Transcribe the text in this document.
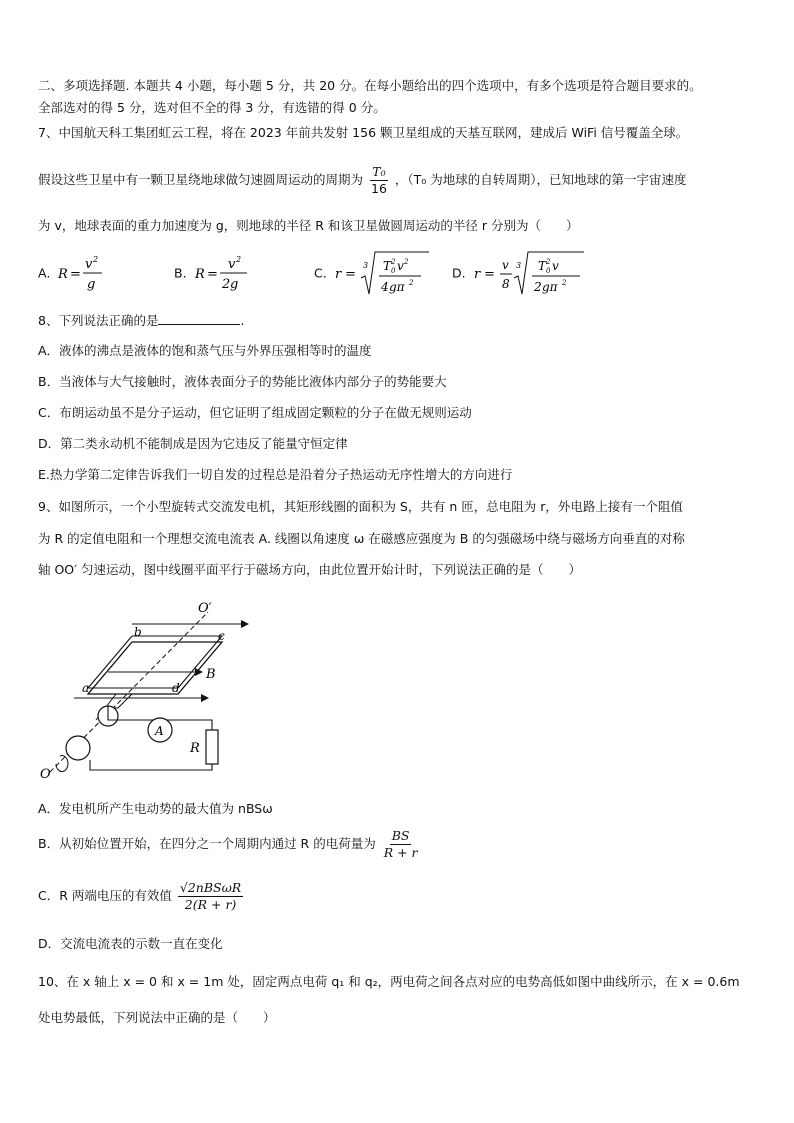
二、多项选择题. 本题共 4 小题，每小题 5 分，共 20 分。在每小题给出的四个选项中，有多个选项是符合题目要求的。
全部选对的得 5 分，选对但不全的得 3 分，有选错的得 0 分。
7、中国航天科工集团虹云工程，将在 2023 年前共发射 156 颗卫星组成的天基互联网，建成后 WiFi 信号覆盖全球。
假设这些卫星中有一颗卫星绕地球做匀速圆周运动的周期为 $\frac{\text{T₀}}{16}$ ，（T₀ 为地球的自转周期），已知地球的第一宇宙速度
为 v，地球表面的重力加速度为 g，则地球的半径 R 和该卫星做圆周运动的半径 r 分别为（　　）
A. R =
v 2
g
B. R =
v 2
2 g
C. r =
3 T 0
2 v 2
4 gπ 2
D. r =
v
8
3 T 0
2 v
2 gπ 2
8、下列说法正确的是	.
A．液体的沸点是液体的饱和蒸气压与外界压强相等时的温度
B．当液体与大气接触时，液体表面分子的势能比液体内部分子的势能要大
C．布朗运动虽不是分子运动，但它证明了组成固定颗粒的分子在做无规则运动
D．第二类永动机不能制成是因为它违反了能量守恒定律
E.热力学第二定律告诉我们一切自发的过程总是沿着分子热运动无序性增大的方向进行
9、如图所示，一个小型旋转式交流发电机，其矩形线圈的面积为 S，共有 n 匝，总电阻为 r，外电路上接有一个阻值
为 R 的定值电阻和一个理想交流电流表 A. 线圈以角速度 ω 在磁感应强度为 B 的匀强磁场中绕与磁场方向垂直的对称
轴 OO′ 匀速运动，图中线圈平面平行于磁场方向，由此位置开始计时，下列说法正确的是（　　）
O′
B
b	c
a	d
A
R
O
A．发电机所产生电动势的最大值为 nBSω
B．从初始位置开始，在四分之一个周期内通过 R 的电荷量为 $\frac{BS}{R + r}$
C．R 两端电压的有效值 $\frac{\text{√2nBSωR}}{2(R + r)}$
D．交流电流表的示数一直在变化
10、在 x 轴上 x = 0 和 x = 1m 处，固定两点电荷 q₁ 和 q₂，两电荷之间各点对应的电势高低如图中曲线所示，在 x = 0.6m
处电势最低，下列说法中正确的是（　　）
